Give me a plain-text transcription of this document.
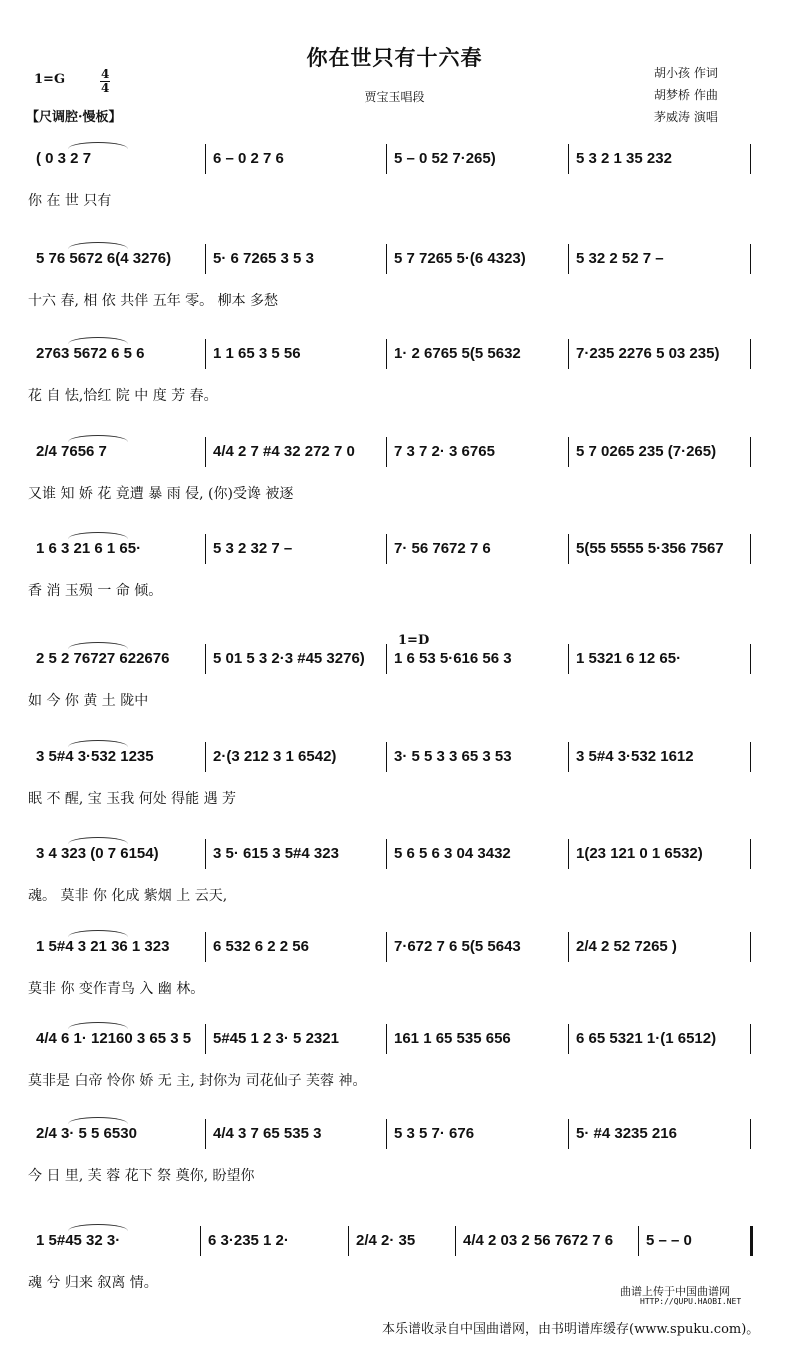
你在世只有十六春
贾宝玉唱段
1=G	4
4
【尺调腔·慢板】
胡小孩 作词
胡梦桥 作曲
茅威涛 演唱
1=D
( 0 3 2 7	6 – 0 2 7 6	5 – 0 52 7·265)	5 3 2 1 35 232
你 在 世 只有
5 76 5672 6(4 3276)	5· 6 7265 3 5 3	5 7 7265 5·(6 4323)	5 32 2 52 7 –
十六 春, 相 依 共伴 五年 零。 柳本 多愁
2763 5672 6 5 6	1 1 65 3 5 56	1· 2 6765 5(5 5632	7·235 2276 5 03 235)
花 自 怯,恰红 院 中 度 芳 春。
2/4 7656 7	4/4 2 7 #4 32 272 7 0	7 3 7 2· 3 6765	5 7 0265 235 (7·265)
又谁 知 娇 花 竟遭 暴 雨 侵, (你)受谗 被逐
1 6 3 21 6 1 65·	5 3 2 32 7 –	7· 56 7672 7 6	5(55 5555 5·356 7567
香 消 玉殒 一 命 倾。
2 5 2 76727 622676	5 01 5 3 2·3 #45 3276) 1 6 53 5·616 56 3	1 5321 6 12 65·
如 今 你 黄 土 陇中
3 5#4 3·532 1235	2·(3 212 3 1 6542)	3· 5 5 3 3 65 3 53	3 5#4 3·532 1612
眠 不 醒, 宝 玉我 何处 得能 遇 芳
3 4 323 (0 7 6154)	3 5· 615 3 5#4 323	5 6 5 6 3 04 3432	1(23 121 0 1 6532)
魂。 莫非 你 化成 紫烟 上 云天,
1 5#4 3 21 36 1 323	6 532 6 2 2 56	7·672 7 6 5(5 5643	2/4 2 52 7265 )
莫非 你 变作青鸟 入 幽 林。
4/4 6 1· 12160 3 65 3 5 5#45 1 2 3· 5 2321	161 1 65 535 656	6 65 5321 1·(1 6512)
莫非是 白帝 怜你 娇 无 主, 封你为 司花仙子 芙蓉 神。
2/4 3· 5 5 6530	4/4 3 7 65 535 3	5 3 5 7· 676	5· #4 3235 216
今 日 里, 芙 蓉 花下 祭 奠你, 盼望你
1 5#45 32 3·	6 3·235 1 2·	2/4 2· 35	4/4 2 03 2 56 7672 7 6 5 – – 0
魂 兮 归来 叙离 情。
曲谱上传于中国曲谱网
HTTP://QUPU.HAOBI.NET
本乐谱收录自中国曲谱网，由书明谱库缓存(www.spuku.com)。
